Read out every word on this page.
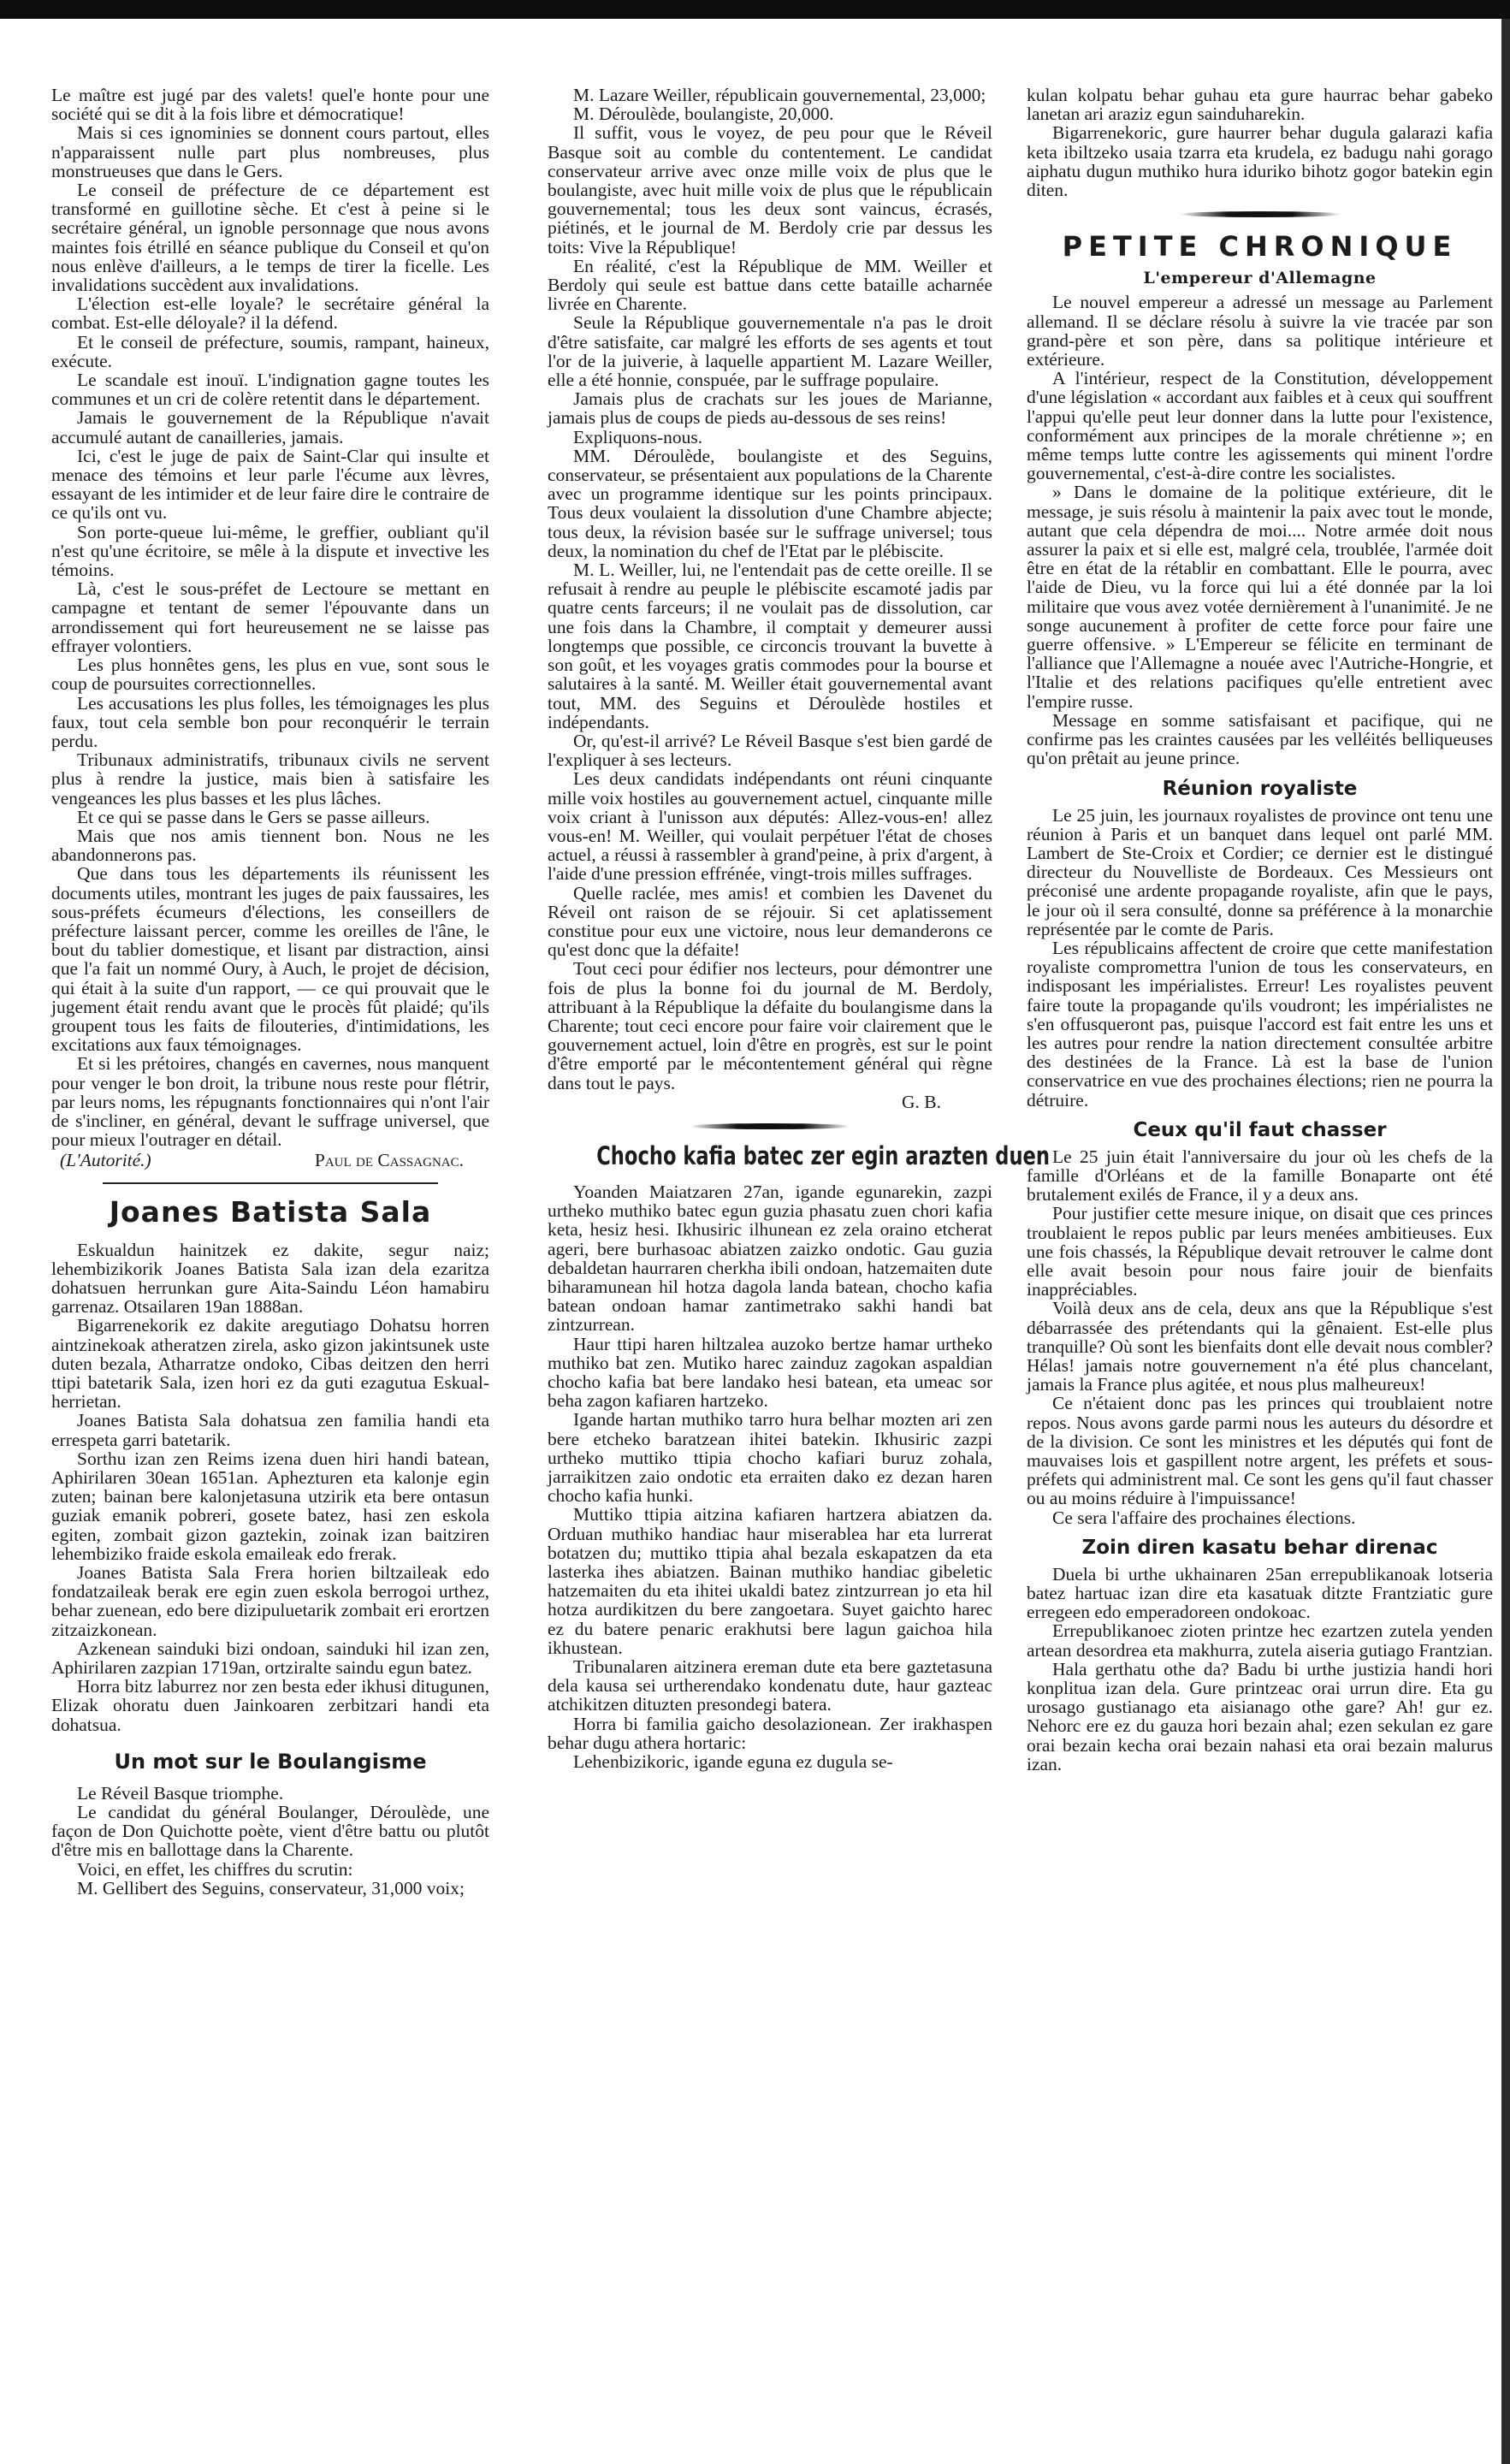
Le maître est jugé par des valets! quel'e honte pour une société qui se dit à la fois libre et démocratique!

Mais si ces ignominies se donnent cours partout, elles n'apparaissent nulle part plus nombreuses, plus monstrueuses que dans le Gers.

Le conseil de préfecture de ce département est transformé en guillotine sèche. Et c'est à peine si le secrétaire général, un ignoble personnage que nous avons maintes fois étrillé en séance publique du Conseil et qu'on nous enlève d'ailleurs, a le temps de tirer la ficelle. Les invalidations succèdent aux invalidations.

L'élection est-elle loyale? le secrétaire général la combat. Est-elle déloyale? il la défend.

Et le conseil de préfecture, soumis, rampant, haineux, exécute.

Le scandale est inouï. L'indignation gagne toutes les communes et un cri de colère retentit dans le département.

Jamais le gouvernement de la République n'avait accumulé autant de canailleries, jamais.

Ici, c'est le juge de paix de Saint-Clar qui insulte et menace des témoins et leur parle l'écume aux lèvres, essayant de les intimider et de leur faire dire le contraire de ce qu'ils ont vu.

Son porte-queue lui-même, le greffier, oubliant qu'il n'est qu'une écritoire, se mêle à la dispute et invective les témoins.

Là, c'est le sous-préfet de Lectoure se mettant en campagne et tentant de semer l'épouvante dans un arrondissement qui fort heureusement ne se laisse pas effrayer volontiers.

Les plus honnêtes gens, les plus en vue, sont sous le coup de poursuites correctionnelles.

Les accusations les plus folles, les témoignages les plus faux, tout cela semble bon pour reconquérir le terrain perdu.

Tribunaux administratifs, tribunaux civils ne servent plus à rendre la justice, mais bien à satisfaire les vengeances les plus basses et les plus lâches.

Et ce qui se passe dans le Gers se passe ailleurs.

Mais que nos amis tiennent bon. Nous ne les abandonnerons pas.

Que dans tous les départements ils réunissent les documents utiles, montrant les juges de paix faussaires, les sous-préfets écumeurs d'élections, les conseillers de préfecture laissant percer, comme les oreilles de l'âne, le bout du tablier domestique, et lisant par distraction, ainsi que l'a fait un nommé Oury, à Auch, le projet de décision, qui était à la suite d'un rapport, — ce qui prouvait que le jugement était rendu avant que le procès fût plaidé; qu'ils groupent tous les faits de filouteries, d'intimidations, les excitations aux faux témoignages.

Et si les prétoires, changés en cavernes, nous manquent pour venger le bon droit, la tribune nous reste pour flétrir, par leurs noms, les répugnants fonctionnaires qui n'ont l'air de s'incliner, en général, devant le suffrage universel, que pour mieux l'outrager en détail.

(L'Autorité.)	Paul de Cassagnac.
Joanes Batista Sala

Eskualdun hainitzek ez dakite, segur naiz; lehembizikorik Joanes Batista Sala izan dela ezaritza dohatsuen herrunkan gure Aita-Saindu Léon hamabiru garrenaz. Otsailaren 19an 1888an.

Bigarrenekorik ez dakite aregutiago Dohatsu horren aintzinekoak atheratzen zirela, asko gizon jakintsunek uste duten bezala, Atharratze ondoko, Cibas deitzen den herri ttipi batetarik Sala, izen hori ez da guti ezagutua Eskual-herrietan.

Joanes Batista Sala dohatsua zen familia handi eta errespeta garri batetarik.

Sorthu izan zen Reims izena duen hiri handi batean, Aphirilaren 30ean 1651an. Aphezturen eta kalonje egin zuten; bainan bere kalonjetasuna utzirik eta bere ontasun guziak emanik pobreri, gosete batez, hasi zen eskola egiten, zombait gizon gaztekin, zoinak izan baitziren lehembiziko fraide eskola emaileak edo frerak.

Joanes Batista Sala Frera horien biltzaileak edo fondatzaileak berak ere egin zuen eskola berrogoi urthez, behar zuenean, edo bere dizipuluetarik zombait eri erortzen zitzaizkonean.

Azkenean sainduki bizi ondoan, sainduki hil izan zen, Aphirilaren zazpian 1719an, ortziralte saindu egun batez.

Horra bitz laburrez nor zen besta eder ikhusi ditugunen, Elizak ohoratu duen Jainkoaren zerbitzari handi eta dohatsua.

Un mot sur le Boulangisme

Le Réveil Basque triomphe.

Le candidat du général Boulanger, Déroulède, une façon de Don Quichotte poète, vient d'être battu ou plutôt d'être mis en ballottage dans la Charente.

Voici, en effet, les chiffres du scrutin:

M. Gellibert des Seguins, conservateur, 31,000 voix;

M. Lazare Weiller, républicain gouvernemental, 23,000;

M. Déroulède, boulangiste, 20,000.

Il suffit, vous le voyez, de peu pour que le Réveil Basque soit au comble du contentement. Le candidat conservateur arrive avec onze mille voix de plus que le boulangiste, avec huit mille voix de plus que le républicain gouvernemental; tous les deux sont vaincus, écrasés, piétinés, et le journal de M. Berdoly crie par dessus les toits: Vive la République!

En réalité, c'est la République de MM. Weiller et Berdoly qui seule est battue dans cette bataille acharnée livrée en Charente.

Seule la République gouvernementale n'a pas le droit d'être satisfaite, car malgré les efforts de ses agents et tout l'or de la juiverie, à laquelle appartient M. Lazare Weiller, elle a été honnie, conspuée, par le suffrage populaire.

Jamais plus de crachats sur les joues de Marianne, jamais plus de coups de pieds au-dessous de ses reins!

Expliquons-nous.

MM. Déroulède, boulangiste et des Seguins, conservateur, se présentaient aux populations de la Charente avec un programme identique sur les points principaux. Tous deux voulaient la dissolution d'une Chambre abjecte; tous deux, la révision basée sur le suffrage universel; tous deux, la nomination du chef de l'Etat par le plébiscite.

M. L. Weiller, lui, ne l'entendait pas de cette oreille. Il se refusait à rendre au peuple le plébiscite escamoté jadis par quatre cents farceurs; il ne voulait pas de dissolution, car une fois dans la Chambre, il comptait y demeurer aussi longtemps que possible, ce circoncis trouvant la buvette à son goût, et les voyages gratis commodes pour la bourse et salutaires à la santé. M. Weiller était gouvernemental avant tout, MM. des Seguins et Déroulède hostiles et indépendants.

Or, qu'est-il arrivé? Le Réveil Basque s'est bien gardé de l'expliquer à ses lecteurs.

Les deux candidats indépendants ont réuni cinquante mille voix hostiles au gouvernement actuel, cinquante mille voix criant à l'unisson aux députés: Allez-vous-en! allez vous-en! M. Weiller, qui voulait perpétuer l'état de choses actuel, a réussi à rassembler à grand'peine, à prix d'argent, à l'aide d'une pression effrénée, vingt-trois milles suffrages.

Quelle raclée, mes amis! et combien les Davenet du Réveil ont raison de se réjouir. Si cet aplatissement constitue pour eux une victoire, nous leur demanderons ce qu'est donc que la défaite!

Tout ceci pour édifier nos lecteurs, pour démontrer une fois de plus la bonne foi du journal de M. Berdoly, attribuant à la République la défaite du boulangisme dans la Charente; tout ceci encore pour faire voir clairement que le gouvernement actuel, loin d'être en progrès, est sur le point d'être emporté par le mécontentement général qui règne dans tout le pays.

G. B.
Chocho kafia batec zer egin arazten duen

Yoanden Maiatzaren 27an, igande egunarekin, zazpi urtheko muthiko batec egun guzia phasatu zuen chori kafia keta, hesiz hesi. Ikhusiric ilhunean ez zela oraino etcherat ageri, bere burhasoac abiatzen zaizko ondotic. Gau guzia debaldetan haurraren cherkha ibili ondoan, hatzemaiten dute biharamunean hil hotza dagola landa batean, chocho kafia batean ondoan hamar zantimetrako sakhi handi bat zintzurrean.

Haur ttipi haren hiltzalea auzoko bertze hamar urtheko muthiko bat zen. Mutiko harec zainduz zagokan aspaldian chocho kafia bat bere landako hesi batean, eta umeac sor beha zagon kafiaren hartzeko.

Igande hartan muthiko tarro hura belhar mozten ari zen bere etcheko baratzean ihitei batekin. Ikhusiric zazpi urtheko muttiko ttipia chocho kafiari buruz zohala, jarraikitzen zaio ondotic eta erraiten dako ez dezan haren chocho kafia hunki.

Muttiko ttipia aitzina kafiaren hartzera abiatzen da. Orduan muthiko handiac haur miserablea har eta lurrerat botatzen du; muttiko ttipia ahal bezala eskapatzen da eta lasterka ihes abiatzen. Bainan muthiko handiac gibeletic hatzemaiten du eta ihitei ukaldi batez zintzurrean jo eta hil hotza aurdikitzen du bere zangoetara. Suyet gaichto harec ez du batere penaric erakhutsi bere lagun gaichoa hila ikhustean.

Tribunalaren aitzinera ereman dute eta bere gaztetasuna dela kausa sei urtherendako kondenatu dute, haur gazteac atchikitzen dituzten presondegi batera.

Horra bi familia gaicho desolazionean. Zer irakhaspen behar dugu athera hortaric:

Lehenbizikoric, igande eguna ez dugula se-

kulan kolpatu behar guhau eta gure haurrac behar gabeko lanetan ari araziz egun sainduharekin.

Bigarrenekoric, gure haurrer behar dugula galarazi kafia keta ibiltzeko usaia tzarra eta krudela, ez badugu nahi gorago aiphatu dugun muthiko hura iduriko bihotz gogor batekin egin diten.

PETITE CHRONIQUE
L'empereur d'Allemagne

Le nouvel empereur a adressé un message au Parlement allemand. Il se déclare résolu à suivre la vie tracée par son grand-père et son père, dans sa politique intérieure et extérieure.

A l'intérieur, respect de la Constitution, développement d'une législation « accordant aux faibles et à ceux qui souffrent l'appui qu'elle peut leur donner dans la lutte pour l'existence, conformément aux principes de la morale chrétienne »; en même temps lutte contre les agissements qui minent l'ordre gouvernemental, c'est-à-dire contre les socialistes.

» Dans le domaine de la politique extérieure, dit le message, je suis résolu à maintenir la paix avec tout le monde, autant que cela dépendra de moi.... Notre armée doit nous assurer la paix et si elle est, malgré cela, troublée, l'armée doit être en état de la rétablir en combattant. Elle le pourra, avec l'aide de Dieu, vu la force qui lui a été donnée par la loi militaire que vous avez votée dernièrement à l'unanimité. Je ne songe aucunement à profiter de cette force pour faire une guerre offensive. » L'Empereur se félicite en terminant de l'alliance que l'Allemagne a nouée avec l'Autriche-Hongrie, et l'Italie et des relations pacifiques qu'elle entretient avec l'empire russe.

Message en somme satisfaisant et pacifique, qui ne confirme pas les craintes causées par les velléités belliqueuses qu'on prêtait au jeune prince.

Réunion royaliste

Le 25 juin, les journaux royalistes de province ont tenu une réunion à Paris et un banquet dans lequel ont parlé MM. Lambert de Ste-Croix et Cordier; ce dernier est le distingué directeur du Nouvelliste de Bordeaux. Ces Messieurs ont préconisé une ardente propagande royaliste, afin que le pays, le jour où il sera consulté, donne sa préférence à la monarchie représentée par le comte de Paris.

Les républicains affectent de croire que cette manifestation royaliste compromettra l'union de tous les conservateurs, en indisposant les impérialistes. Erreur! Les royalistes peuvent faire toute la propagande qu'ils voudront; les impérialistes ne s'en offusqueront pas, puisque l'accord est fait entre les uns et les autres pour rendre la nation directement consultée arbitre des destinées de la France. Là est la base de l'union conservatrice en vue des prochaines élections; rien ne pourra la détruire.

Ceux qu'il faut chasser

Le 25 juin était l'anniversaire du jour où les chefs de la famille d'Orléans et de la famille Bonaparte ont été brutalement exilés de France, il y a deux ans.

Pour justifier cette mesure inique, on disait que ces princes troublaient le repos public par leurs menées ambitieuses. Eux une fois chassés, la République devait retrouver le calme dont elle avait besoin pour nous faire jouir de bienfaits inappréciables.

Voilà deux ans de cela, deux ans que la République s'est débarrassée des prétendants qui la gênaient. Est-elle plus tranquille? Où sont les bienfaits dont elle devait nous combler? Hélas! jamais notre gouvernement n'a été plus chancelant, jamais la France plus agitée, et nous plus malheureux!

Ce n'étaient donc pas les princes qui troublaient notre repos. Nous avons garde parmi nous les auteurs du désordre et de la division. Ce sont les ministres et les députés qui font de mauvaises lois et gaspillent notre argent, les préfets et sous-préfets qui administrent mal. Ce sont les gens qu'il faut chasser ou au moins réduire à l'impuissance!

Ce sera l'affaire des prochaines élections.

Zoin diren kasatu behar direnac

Duela bi urthe ukhainaren 25an errepublikanoak lotseria batez hartuac izan dire eta kasatuak ditzte Frantziatic gure erregeen edo emperadoreen ondokoac.

Errepublikanoec zioten printze hec ezartzen zutela yenden artean desordrea eta makhurra, zutela aiseria gutiago Frantzian.

Hala gerthatu othe da? Badu bi urthe justizia handi hori konplitua izan dela. Gure printzeac orai urrun dire. Eta gu urosago gustianago eta aisianago othe gare? Ah! gur ez. Nehorc ere ez du gauza hori bezain ahal; ezen sekulan ez gare orai bezain kecha orai bezain nahasi eta orai bezain malurus izan.
